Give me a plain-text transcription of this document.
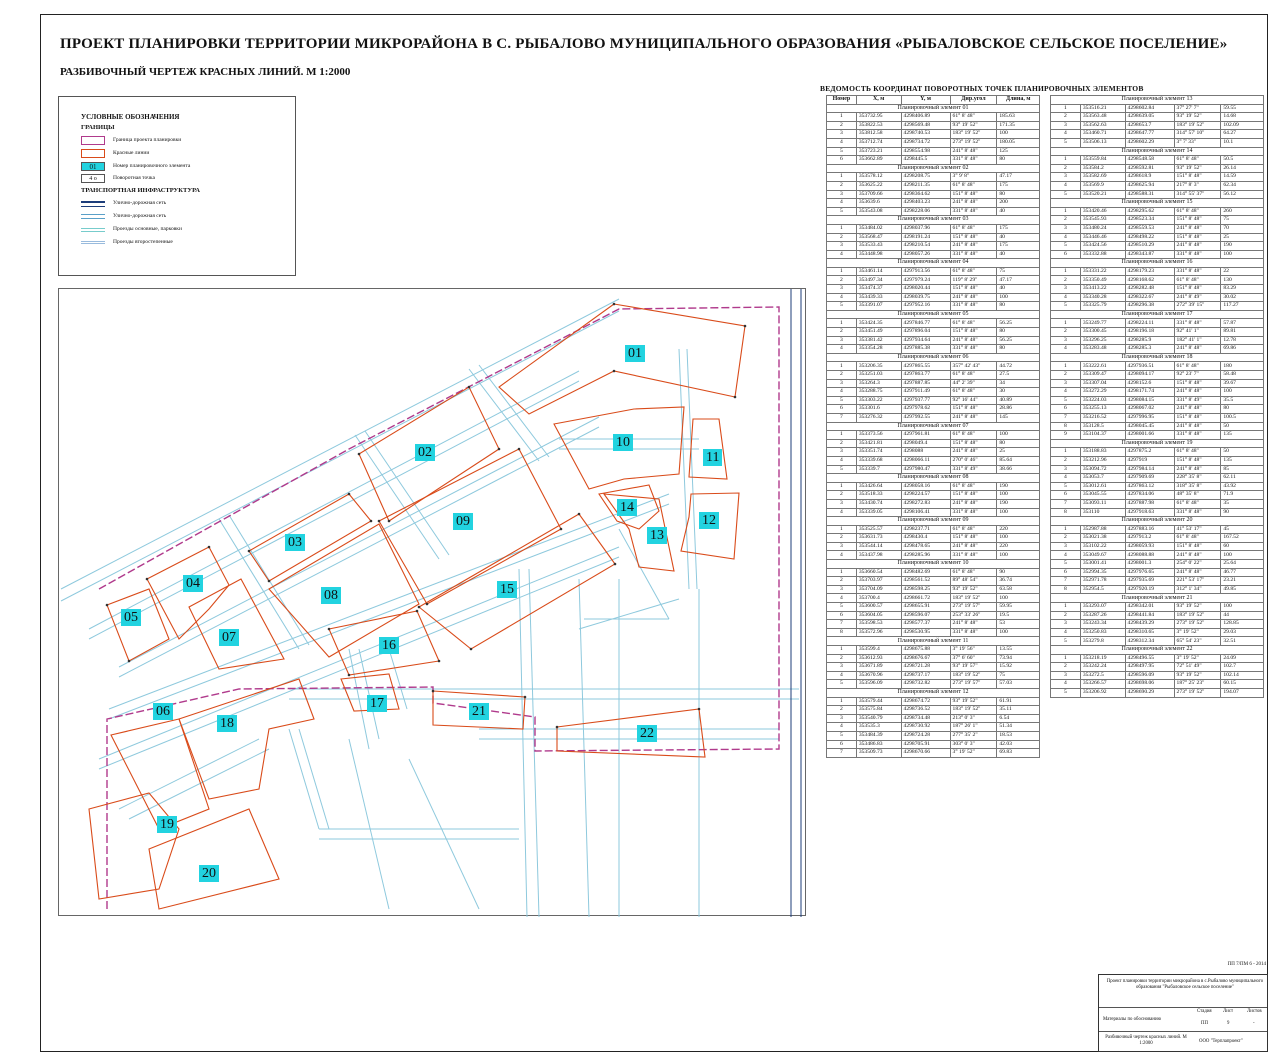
ПРОЕКТ ПЛАНИРОВКИ ТЕРРИТОРИИ МИКРОРАЙОНА В С. РЫБАЛОВО МУНИЦИПАЛЬНОГО ОБРАЗОВАНИЯ «РЫБАЛОВСКОЕ СЕЛЬСКОЕ ПОСЕЛЕНИЕ»
РАЗБИВОЧНЫЙ ЧЕРТЕЖ КРАСНЫХ ЛИНИЙ. М 1:2000
УСЛОВНЫЕ ОБОЗНАЧЕНИЯ
ГРАНИЦЫ
Граница проекта планировки
Красные линии
01	Номер планировочного элемента
4 о	Поворотная точка
ТРАНСПОРТНАЯ ИНФРАСТРУКТУРА
Улично-дорожная сеть
Улично-дорожная сеть
Проезды основные, парковки
Проезды второстепенные
01
02
03
04
05
06
07
08
09
10
11
12
13
14
15
16
17
18
19
20
21
22
ВЕДОМОСТЬ КООРДИНАТ ПОВОРОТНЫХ ТОЧЕК ПЛАНИРОВОЧНЫХ ЭЛЕМЕНТОВ
Номер	X, м	Y, м	Дир.угол	Длина, м
Планировочный элемент 01				
1	353732.95	4298406.89	61° 8' 48"	185.63
2	353822.53	4298569.48	93° 19' 52"	171.35
3	353812.58	4298740.53	183° 19' 52"	100
4	353712.74	4298734.72	273° 19' 52"	180.05
5	353723.21	4298554.98	241° 8' 48"	125
6	353662.89	4298445.5	331° 8' 48"	80
Планировочный элемент 02				
1	353578.12	4298208.75	3° 9' 8"	47.17
2	353625.22	4298211.35	61° 8' 48"	175
3	353709.66	4298364.62	151° 8' 48"	80
4	353639.6	4298403.23	241° 8' 48"	200
5	353543.08	4298228.06	331° 8' 48"	40
Планировочный элемент 03				
1	353484.02	4298037.96	61° 8' 48"	175
2	353568.47	4298191.24	151° 8' 48"	40
3	353533.43	4298210.54	241° 8' 48"	175
4	353448.98	4298057.26	331° 8' 48"	40
Планировочный элемент 04				
1	353461.14	4297913.56	61° 8' 48"	75
2	353497.34	4297979.24	119° 8' 29"	47.17
3	353474.37	4298020.44	151° 8' 48"	40
4	353439.33	4298039.75	241° 8' 48"	100
5	353391.07	4297952.16	331° 8' 48"	80
Планировочный элемент 05				
1	353424.35	4297846.77	61° 8' 48"	56.25
2	353451.49	4297896.04	151° 8' 48"	80
3	353381.42	4297934.64	241° 8' 48"	56.25
4	353354.28	4297885.38	331° 8' 48"	80
Планировочный элемент 06				
1	353206.35	4297865.55	357° 42' 43"	44.72
2	353251.03	4297863.77	61° 8' 48"	27.5
3	353264.3	4297887.85	44° 2' 39"	34
4	353288.75	4297911.49	61° 8' 48"	30
5	353303.22	4297937.77	92° 16' 44"	40.89
6	353301.6	4297978.62	151° 8' 48"	28.86
7	353276.32	4297992.55	241° 8' 48"	145
Планировочный элемент 07				
1	353373.56	4297961.81	61° 8' 48"	100
2	353421.81	4298049.4	151° 8' 48"	80
3	353351.74	4298088	241° 8' 48"	25
4	353339.68	4298066.11	270° 0' 46"	85.64
5	353339.7	4297980.47	331° 8' 49"	38.66
Планировочный элемент 08				
1	353426.64	4298058.16	61° 8' 48"	190
2	353518.33	4298224.57	151° 8' 48"	100
3	353430.74	4298272.83	241° 8' 48"	190
4	353339.05	4298106.41	331° 8' 48"	100
Планировочный элемент 09				
1	353525.57	4298237.71	61° 8' 48"	220
2	353631.73	4298430.4	151° 8' 48"	100
3	353544.14	4298478.65	241° 8' 48"	220
4	353437.98	4298285.96	331° 8' 48"	100
Планировочный элемент 10				
1	353660.54	4298482.69	61° 8' 48"	90
2	353703.97	4298561.52	89° 48' 54"	36.74
3	353704.09	4298598.25	93° 19' 52"	63.58
4	353700.4	4298661.72	183° 19' 52"	100
5	353600.57	4298655.91	273° 19' 57"	59.95
6	353604.05	4298596.07	253° 33' 26"	19.5
7	353598.53	4298577.37	241° 8' 48"	53
8	353572.96	4298530.95	331° 8' 48"	100
Планировочный элемент 11				
1	353599.4	4298675.88	3° 19' 56"	13.55
2	353612.93	4298676.67	37° 6' 60"	73.94
3	353671.89	4298721.28	93° 19' 57"	15.92
4	353670.96	4298737.17	183° 19' 52"	75
5	353596.09	4298732.82	273° 19' 57"	57.03
Планировочный элемент 12				
1	353579.44	4298674.72	93° 19' 52"	61.91
2	353575.84	4298736.52	183° 19' 52"	35.11
3	353540.79	4298734.48	213° 0' 3"	6.54
4	353535.3	4298730.92	187° 26' 1"	51.34
5	353484.39	4298724.28	277° 35' 2"	18.53
6	353486.83	4298705.91	303° 0' 3"	42.03
7	353509.73	4298670.66	3° 19' 52"	69.83
Планировочный элемент 13				
1	353516.21	4298602.84	37° 27' 7"	59.55
2	353563.48	4298639.05	93° 19' 52"	14.68
3	353562.63	4298653.7	183° 19' 52"	102.09
4	353460.71	4298647.77	314° 57' 10"	64.27
5	353506.13	4298602.29	3° 7' 33"	10.1
Планировочный элемент 14				
1	353559.84	4298548.58	61° 8' 48"	50.5
2	353584.2	4298592.81	93° 19' 52"	26.14
3	353582.69	4298618.9	151° 8' 48"	14.59
4	353569.9	4298625.94	217° 8' 3"	62.34
5	353520.21	4298588.31	314° 55' 37"	56.12
Планировочный элемент 15				
1	353420.46	4298295.62	61° 8' 48"	260
2	353545.93	4298523.34	151° 8' 48"	75
3	353480.24	4298559.53	241° 8' 48"	70
4	353446.46	4298498.22	151° 8' 48"	25
5	353424.56	4298510.29	241° 8' 48"	190
6	353332.88	4298343.87	331° 8' 48"	100
Планировочный элемент 16				
1	353331.22	4298179.23	331° 8' 48"	22
2	353350.49	4298168.62	61° 8' 48"	130
3	353413.22	4298282.48	151° 8' 48"	83.29
4	353340.28	4298322.67	241° 8' 49"	30.02
5	353325.79	4298296.38	272° 39' 15"	117.27
Планировочный элемент 17				
1	353249.77	4298224.11	331° 8' 48"	57.87
2	353300.45	4298196.18	92° 41' 1"	89.81
3	353296.25	4298285.9	182° 41' 1"	12.78
4	353283.48	4298285.3	241° 8' 48"	69.86
Планировочный элемент 18				
1	353222.61	4297936.51	61° 8' 48"	180
2	353309.47	4298094.17	92° 23' 7"	58.48
3	353307.04	4298152.6	151° 8' 48"	39.67
4	353272.29	4298171.74	241° 8' 48"	100
5	353224.03	4298084.15	331° 8' 49"	35.5
6	353255.13	4298067.02	241° 8' 48"	80
7	353216.52	4297996.95	151° 8' 48"	100.5
8	353128.5	4298045.45	241° 8' 48"	50
9	353104.37	4298001.66	331° 8' 48"	135
Планировочный элемент 19				
1	353188.83	4297875.2	61° 8' 48"	50
2	353212.96	4297919	151° 8' 48"	135
3	353094.72	4297984.14	241° 8' 48"	85
4	353053.7	4297909.69	228° 35' 8"	62.11
5	353012.61	4297863.12	318° 35' 8"	43.92
6	353045.55	4297834.06	48° 35' 8"	71.9
7	353093.11	4297887.98	61° 8' 48"	35
8	353110	4297918.63	331° 8' 48"	90
Планировочный элемент 20				
1	352987.88	4297883.16	41° 53' 17"	45
2	353021.38	4297913.2	61° 8' 48"	167.52
3	353102.22	4298059.93	151° 8' 48"	60
4	353049.67	4298088.88	241° 8' 48"	100
5	353001.41	4298001.3	254° 0' 22"	25.64
6	352994.35	4297976.65	241° 8' 48"	46.77
7	352971.78	4297935.69	221° 53' 17"	23.21
8	352954.5	4297920.19	312° 1' 34"	49.85
Планировочный элемент 21				
1	353293.07	4298342.01	93° 19' 52"	100
2	353287.26	4298441.84	183° 19' 52"	44
3	353243.34	4298439.29	273° 19' 52"	128.85
4	353250.83	4298310.65	3° 19' 52"	29.03
5	353279.8	4298312.34	65° 54' 23"	32.51
Планировочный элемент 22				
1	353218.19	4298496.55	3° 19' 52"	24.09
2	353242.24	4298497.95	72° 51' 49"	102.7
3	353272.5	4298596.09	93° 19' 52"	102.14
4	353266.57	4298698.06	187° 25' 23"	60.15
5	353206.92	4298690.29	273° 19' 52"	194.07
ПП 7/ПМ 6 - 2014
Проект планировки территории микрорайона в с.Рыбалово муниципального образования "Рыбаловское сельское поселение"
Стадия Лист	Листов
Материалы по обоснованию
ПП	9	-
Разбивочный чертеж красных линий. М 1:2000	ООО "Терплапроект"
